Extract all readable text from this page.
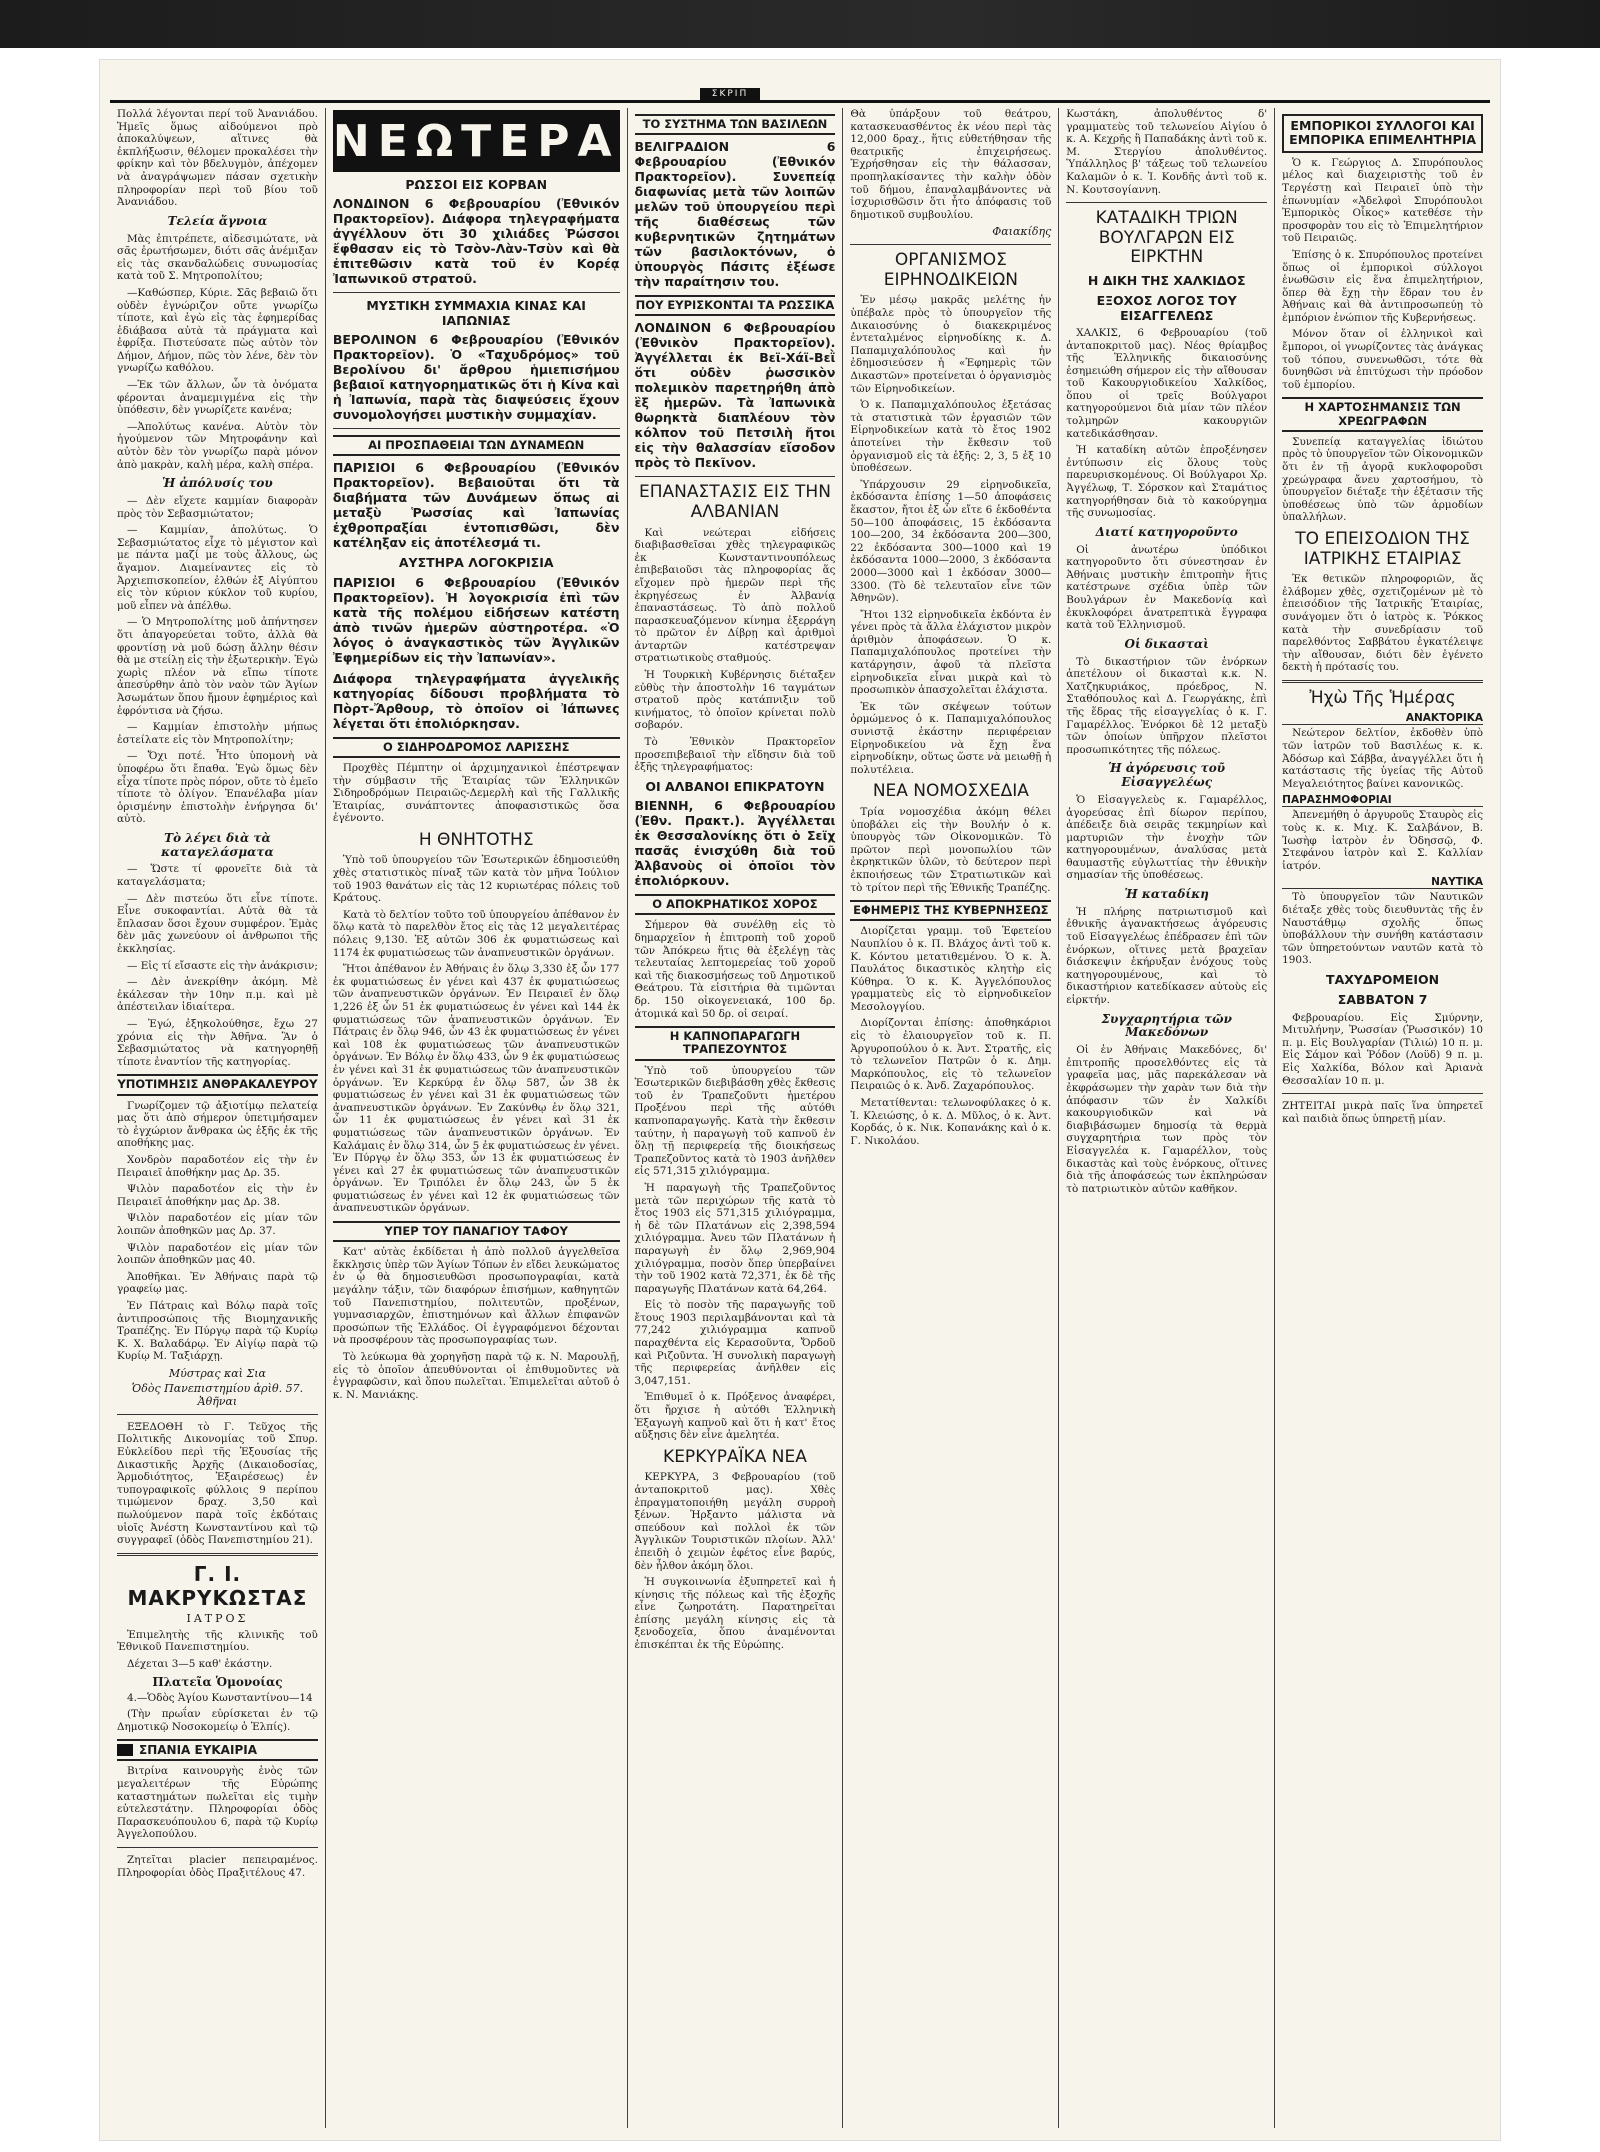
ΣΚΡΙΠ

Πολλά λέγονται περί τοῦ Ἀνανιάδου. Ἡμεῖς ὅμως αἰδούμενοι πρὸ ἀποκαλύψεων, αἵτινες θὰ ἐκπλήξωσιν, θέλομεν προκαλέσει τὴν φρίκην καὶ τὸν βδελυγμὸν, ἀπέχομεν νὰ ἀναγράψωμεν πάσαν σχετικὴν πληροφορίαν περὶ τοῦ βίου τοῦ Ἀνανιάδου.

Τελεία ἄγνοια

Μὰς ἐπιτρέπετε, αἰδεσιμώτατε, νὰ σᾶς ἐρωτήσωμεν, διότι σᾶς ἀνέμιξαν εἰς τὰς σκανδαλώδεις συνωμοσίας κατὰ τοῦ Σ. Μητροπολίτου;

—Καθώσπερ, Κύριε. Σᾶς βεβαιῶ ὅτι οὐδὲν ἐγνώριζον οὔτε γνωρίζω τίποτε, καὶ ἐγὼ εἰς τὰς ἐφημερίδας ἐδιάβασα αὐτὰ τὰ πράγματα καὶ ἐφρίξα. Πιστεύσατε πὼς αὐτὸν τὸν Δήμον, Δήμον, πῶς τὸν λένε, δὲν τὸν γνωρίζω καθόλου.

—Ἐκ τῶν ἄλλων, ὧν τὰ ὀνόματα φέρονται ἀναμεμιγμένα εἰς τὴν ὑπόθεσιν, δὲν γνωρίζετε κανένα;

—Ἀπολύτως κανένα. Αὐτὸν τὸν ἠγούμενον τῶν Μητροφάνην καὶ αὐτὸν δὲν τὸν γνωρίζω παρὰ μόνον ἀπὸ μακρὰν, καλὴ μέρα, καλὴ σπέρα.

Ἡ ἀπόλυσίς του

— Δὲν εἴχετε καμμίαν διαφορὰν πρὸς τὸν Σεβασμιώτατον;

— Καμμίαν, ἀπολύτως. Ὁ Σεβασμιώτατος εἶχε τὸ μέγιστον καὶ με πάντα μαζί με τοὺς ἄλλους, ὡς ἄγαμον. Διαμείναντες εἰς τὸ Ἀρχιεπισκοπείον, ἐλθών ἐξ Αἰγύπτου εἰς τὸν κύριον κύκλον τοῦ κυρίου, μοῦ εἶπεν νὰ ἀπέλθω.

— Ὁ Μητροπολίτης μοῦ ἀπήντησεν ὅτι ἀπαγορεύεται τοῦτο, ἀλλὰ θὰ φροντίσῃ νὰ μοῦ δώσῃ ἄλλην θέσιν θὰ με στείλῃ εἰς τὴν ἐξωτερικὴν. Ἐγὼ χωρὶς πλέον νὰ εἴπω τίποτε ἀπεσύρθην ἀπὸ τὸν ναὸν τῶν Ἁγίων Ἀσωμάτων ὅπου ἤμουν ἐφημέριος καὶ ἐφρόντισα νὰ ζήσω.

— Καμμίαν ἐπιστολὴν μήπως ἐστείλατε εἰς τὸν Μητροπολίτην;

— Ὄχι ποτέ. Ἦτο ὑπομονὴ νὰ ὑποφέρω ὅτι ἔπαθα. Ἐγὼ ὅμως δὲν εἶχα τίποτε πρὸς πόρον, οὔτε τὸ ἐμεῖο τίποτε τὸ ὀλίγον. Ἐπανέλαβα μίαν ὁρισμένην ἐπιστολὴν ἐνήργησα δι' αὐτὸ.

Τὸ λέγει διὰ τὰ καταγελάσματα

— Ὥστε τί φρονεῖτε διὰ τὰ καταγελάσματα;

— Δὲν πιστεύω ὅτι εἶνε τίποτε. Εἶνε συκοφαντίαι. Αὐτὰ θὰ τὰ ἔπλασαν ὅσοι ἔχουν συμφέρον. Ἐμὰς δὲν μᾶς χωνεύουν οἱ ἀνθρωποι τῆς ἐκκλησίας.

— Εἰς τί εἴσαστε εἰς τὴν ἀνάκρισιν;

— Δὲν ἀνεκρίθην ἀκόμη. Μὲ ἐκάλεσαν τὴν 10ην π.μ. καὶ μὲ ἀπέστειλαν ἰδιαίτερα.

— Ἐγώ, ἐξηκολούθησε, ἔχω 27 χρόνια εἰς τὴν Ἀθῆνα. Ἂν ὁ Σεβασμιώτατος νὰ κατηγορηθῇ τίποτε ἐναντίον τῆς κατηγορίας.

ΥΠΟΤΙΜΗΣΙΣ ΑΝΘΡΑΚΑΛΕΥΡΟΥ

Γνωρίζομεν τῷ ἀξιοτίμῳ πελατείᾳ μας ὅτι ἀπὸ σήμερον ὑπετιμήσαμεν τὸ ἐγχώριον ἄνθρακα ὡς ἑξῆς ἐκ τῆς αποθήκης μας.

Χονδρὸν παραδοτέον εἰς τὴν ἐν Πειραιεῖ ἀποθήκην μας Δρ. 35.

Ψιλὸν παραδοτέον εἰς τὴν ἐν Πειραιεῖ ἀποθήκην μας Δρ. 38.

Ψιλὸν παραδοτέον εἰς μίαν τῶν λοιπῶν ἀποθηκῶν μας Δρ. 37.

Ψιλὸν παραδοτέον εἰς μίαν τῶν λοιπῶν ἀποθηκῶν μας 40.

Ἀποθῆκαι. Ἐν Ἀθήναις παρὰ τῷ γραφείῳ μας.

Ἐν Πάτραις καὶ Βόλῳ παρὰ τοῖς ἀντιπροσώποις τῆς Βιομηχανικῆς Τραπέζης. Ἐν Πύργῳ παρὰ τῷ Κυρίῳ Κ. Χ. Βαλαδάρῳ. Ἐν Αἰγίῳ παρὰ τῷ Κυρίῳ Μ. Ταξιάρχῃ.

Μύστρας καὶ Σια
Ὁδὸς Πανεπιστημίου ἀρὶθ. 57. Ἀθῆναι

ΕΞΕΔΟΘΗ τὸ Γ. Τεῦχος τῆς Πολιτικῆς Δικονομίας τοῦ Σπυρ. Εὐκλείδου περὶ τῆς Ἐξουσίας τῆς Δικαστικῆς Ἀρχῆς (Δικαιοδοσίας, Ἁρμοδιότητος, Ἐξαιρέσεως) ἐν τυπογραφικοῖς φύλλοις 9 περίπου τιμώμενον δραχ. 3,50 καὶ πωλούμενον παρὰ τοῖς ἐκδόταις υἱοῖς Ἀνέστη Κωνσταντίνου καὶ τῷ συγγραφεῖ (ὁδὸς Πανεπιστημίου 21).

Γ. Ι. ΜΑΚΡΥΚΩΣΤΑΣ
ΙΑΤΡΟΣ

Ἐπιμελητὴς τῆς κλινικῆς τοῦ Ἐθνικοῦ Πανεπιστημίου.

Δέχεται 3—5 καθ' ἑκάστην.

Πλατεῖα Ὁμονοίας

4.—Ὁδὸς Ἁγίου Κωνσταντίνου—14

(Τὴν πρωΐαν εὑρίσκεται ἐν τῷ Δημοτικῷ Νοσοκομείῳ ὁ Ἐλπίς).

ΣΠΑΝΙΑ ΕΥΚΑΙΡΙΑ

Βιτρίνα καινουργὴς ἑνὸς τῶν μεγαλειτέρων τῆς Εὐρώπης καταστημάτων πωλεῖται εἰς τιμὴν εὐτελεστάτην. Πληροφορίαι ὁδὸς Παρασκευόπουλου 6, παρὰ τῷ Κυρίῳ Ἀγγελοπούλου.

Ζητεῖται placier πεπειραμένος. Πληροφορίαι ὁδὸς Πραξιτέλους 47.

ΝΕΩΤΕΡΑ
ΡΩΣΣΟΙ ΕΙΣ ΚΟΡΒΑΝ
ΛΟΝΔΙΝΟΝ 6 Φεβρουαρίου (Ἐθνικόν Πρακτορεῖον). Διάφορα τηλεγραφήματα ἀγγέλλουν ὅτι 30 χιλιάδες Ῥώσσοι ἔφθασαν εἰς τὸ Τσὸν-Λὰν-Τσὺν καὶ θὰ ἐπιτεθῶσιν κατὰ τοῦ ἐν Κορέᾳ Ἰαπωνικοῦ στρατοῦ.
ΜΥΣΤΙΚΗ ΣΥΜΜΑΧΙΑ ΚΙΝΑΣ ΚΑΙ ΙΑΠΩΝΙΑΣ
ΒΕΡΟΛΙΝΟΝ 6 Φεβρουαρίου (Ἐθνικόν Πρακτορεῖον). Ὁ «Ταχυδρόμος» τοῦ Βερολίνου δι' ἄρθρου ἡμιεπισήμου βεβαιοῖ κατηγορηματικῶς ὅτι ἡ Κίνα καὶ ἡ Ἰαπωνία, παρὰ τὰς διαψεύσεις ἔχουν συνομολογήσει μυστικὴν συμμαχίαν.
ΑΙ ΠΡΟΣΠΑΘΕΙΑΙ ΤΩΝ ΔΥΝΑΜΕΩΝ
ΠΑΡΙΣΙΟΙ 6 Φεβρουαρίου (Ἐθνικόν Πρακτορεῖον). Βεβαιοῦται ὅτι τὰ διαβήματα τῶν Δυνάμεων ὅπως αἱ μεταξὺ Ῥωσσίας καὶ Ἰαπωνίας ἐχθροπραξίαι ἐντοπισθῶσι, δὲν κατέληξαν εἰς ἀποτέλεσμά τι.
ΑΥΣΤΗΡΑ ΛΟΓΟΚΡΙΣΙΑ
ΠΑΡΙΣΙΟΙ 6 Φεβρουαρίου (Ἐθνικόν Πρακτορεῖον). Ἡ λογοκρισία ἐπὶ τῶν κατὰ τῆς πολέμου εἰδήσεων κατέστη ἀπὸ τινῶν ἡμερῶν αὐστηροτέρα. «Ὁ λόγος ὁ ἀναγκαστικὸς τῶν Ἀγγλικῶν Ἐφημερίδων εἰς τὴν Ἰαπωνίαν».
Διάφορα τηλεγραφήματα ἀγγελικῆς κατηγορίας δίδουσι προβλήματα τὸ Πὸρτ-Ἄρθουρ, τὸ ὁποῖον οἱ Ἰάπωνες λέγεται ὅτι ἐπολιόρκησαν.
Ο ΣΙΔΗΡΟΔΡΟΜΟΣ ΛΑΡΙΣΣΗΣ

Προχθὲς Πέμπτην οἱ ἀρχιμηχανικοὶ ἐπέστρεψαν τὴν σύμβασιν τῆς Ἑταιρίας τῶν Ἑλληνικῶν Σιδηροδρόμων Πειραιῶς-Δεμερλὴ καὶ τῆς Γαλλικῆς Ἑταιρίας, συνάπτοντες ἀποφασιστικῶς ὅσα ἐγένοντο.

Η ΘΝΗΤΟΤΗΣ

Ὑπὸ τοῦ ὑπουργείου τῶν Ἐσωτερικῶν ἐδημοσιεύθη χθὲς στατιστικὸς πίναξ τῶν κατὰ τὸν μῆνα Ἰούλιον τοῦ 1903 θανάτων εἰς τὰς 12 κυριωτέρας πόλεις τοῦ Κράτους.

Κατὰ τὸ δελτίον τοῦτο τοῦ ὑπουργείου ἀπέθανον ἐν ὅλῳ κατὰ τὸ παρελθὸν ἔτος εἰς τὰς 12 μεγαλειτέρας πόλεις 9,130. Ἐξ αὐτῶν 306 ἐκ φυματιώσεως καὶ 1174 ἐκ φυματιώσεως τῶν ἀναπνευστικῶν ὀργάνων.

Ἤτοι ἀπέθανον ἐν Ἀθήναις ἐν ὅλῳ 3,330 ἐξ ὧν 177 ἐκ φυματιώσεως ἐν γένει καὶ 437 ἐκ φυματιώσεως τῶν ἀναπνευστικῶν ὀργάνων. Ἐν Πειραιεῖ ἐν ὅλῳ 1,226 ἐξ ὧν 51 ἐκ φυματιώσεως ἐν γένει καὶ 144 ἐκ φυματιώσεως τῶν ἀναπνευστικῶν ὀργάνων. Ἐν Πάτραις ἐν ὅλῳ 946, ὧν 43 ἐκ φυματιώσεως ἐν γένει καὶ 108 ἐκ φυματιώσεως τῶν ἀναπνευστικῶν ὀργάνων. Ἐν Βόλῳ ἐν ὅλῳ 433, ὧν 9 ἐκ φυματιώσεως ἐν γένει καὶ 31 ἐκ φυματιώσεως τῶν ἀναπνευστικῶν ὀργάνων. Ἐν Κερκύρᾳ ἐν ὅλῳ 587, ὧν 38 ἐκ φυματιώσεως ἐν γένει καὶ 31 ἐκ φυματιώσεως τῶν ἀναπνευστικῶν ὀργάνων. Ἐν Ζακύνθῳ ἐν ὅλῳ 321, ὧν 11 ἐκ φυματιώσεως ἐν γένει καὶ 31 ἐκ φυματιώσεως τῶν ἀναπνευστικῶν ὀργάνων. Ἐν Καλάμαις ἐν ὅλῳ 314, ὧν 5 ἐκ φυματιώσεως ἐν γένει. Ἐν Πύργῳ ἐν ὅλῳ 353, ὧν 13 ἐκ φυματιώσεως ἐν γένει καὶ 27 ἐκ φυματιώσεως τῶν ἀναπνευστικῶν ὀργάνων. Ἐν Τριπόλει ἐν ὅλῳ 243, ὧν 5 ἐκ φυματιώσεως ἐν γένει καὶ 12 ἐκ φυματιώσεως τῶν ἀναπνευστικῶν ὀργάνων.

ΥΠΕΡ ΤΟΥ ΠΑΝΑΓΙΟΥ ΤΑΦΟΥ

Κατ' αὐτὰς ἐκδίδεται ἡ ἀπὸ πολλοῦ ἀγγελθεῖσα ἔκκλησις ὑπὲρ τῶν Ἁγίων Τόπων ἐν εἴδει λευκώματος ἐν ᾧ θὰ δημοσιευθῶσι προσωπογραφίαι, κατὰ μεγάλην τάξιν, τῶν διαφόρων ἐπισήμων, καθηγητῶν τοῦ Πανεπιστημίου, πολιτευτῶν, προξένων, γυμνασιαρχῶν, ἐπιστημόνων καὶ ἄλλων ἐπιφανῶν προσώπων τῆς Ἑλλάδος. Οἱ ἐγγραφόμενοι δέχονται νὰ προσφέρουν τὰς προσωπογραφίας των.

Τὸ λεύκωμα θὰ χορηγῆσῃ παρὰ τῷ κ. Ν. Μαρουλῇ, εἰς τὸ ὁποῖον ἀπευθύνονται οἱ ἐπιθυμοῦντες νὰ ἐγγραφῶσιν, καὶ ὅπου πωλεῖται. Ἐπιμελεῖται αὐτοῦ ὁ κ. Ν. Μανιάκης.

ΤΟ ΣΥΣΤΗΜΑ ΤΩΝ ΒΑΣΙΛΕΩΝ
ΒΕΛΙΓΡΑΔΙΟΝ 6 Φεβρουαρίου (Ἐθνικόν Πρακτορεῖον). Συνεπείᾳ διαφωνίας μετὰ τῶν λοιπῶν μελῶν τοῦ ὑπουργείου περὶ τῆς διαθέσεως τῶν κυβερνητικῶν ζητημάτων τῶν βασιλοκτόνων, ὁ ὑπουργὸς Πάσιτς ἐξέωσε τὴν παραίτησιν του.
ΠΟΥ ΕΥΡΙΣΚΟΝΤΑΙ ΤΑ ΡΩΣΣΙΚΑ
ΛΟΝΔΙΝΟΝ 6 Φεβρουαρίου (Ἐθνικὸν Πρακτορεῖον). Ἀγγέλλεται ἐκ Βεϊ-Χάϊ-Βεῒ ὅτι οὐδὲν ῥωσσικὸν πολεμικὸν παρετηρήθη ἀπὸ ἓξ ἡμερῶν. Τὰ Ἰαπωνικὰ θωρηκτὰ διαπλέουν τὸν κόλπον τοῦ Πετσιλὴ ἤτοι εἰς τὴν θαλασσίαν εἴσοδον πρὸς τὸ Πεκῖνον.
ΕΠΑΝΑΣΤΑΣΙΣ ΕΙΣ ΤΗΝ ΑΛΒΑΝΙΑΝ

Καὶ νεώτεραι εἰδήσεις διαβιβασθεῖσαι χθὲς τηλεγραφικῶς ἐκ Κωνσταντινουπόλεως ἐπιβεβαιοῦσι τὰς πληροφορίας ἅς εἴχομεν πρὸ ἡμερῶν περὶ τῆς ἐκρηγέσεως ἐν Ἀλβανίᾳ ἐπαναστάσεως. Τὸ ἀπὸ πολλοῦ παρασκευαζόμενον κίνημα ἐξερράγη τὸ πρῶτον ἐν Δίβρῃ καὶ ἀριθμοὶ ἀνταρτῶν κατέστρεψαν στρατιωτικοὺς σταθμούς.

Ἡ Τουρκικὴ Κυβέρνησις διέταξεν εὐθὺς τὴν ἀποστολὴν 16 ταγμάτων στρατοῦ πρὸς κατάπνιξιν τοῦ κινήματος, τὸ ὁποῖον κρίνεται πολὺ σοβαρόν.

Τὸ Ἐθνικὸν Πρακτορεῖον προσεπιβεβαιοῖ τὴν εἴδησιν διὰ τοῦ ἑξῆς τηλεγραφήματος:

ΟΙ ΑΛΒΑΝΟΙ ΕΠΙΚΡΑΤΟΥΝ
ΒΙΕΝΝΗ, 6 Φεβρουαρίου (Ἐθν. Πρακτ.). Ἀγγέλλεται ἐκ Θεσσαλονίκης ὅτι ὁ Σεϊχ πασᾶς ἐνισχύθη διὰ τοῦ Ἀλβανοὺς οἱ ὁποῖοι τὸν ἐπολιόρκουν.
Ο ΑΠΟΚΡΗΑΤΙΚΟΣ ΧΟΡΟΣ

Σήμερον θὰ συνέλθῃ εἰς τὸ δημαρχεῖον ἡ ἐπιτροπὴ τοῦ χοροῦ τῶν Ἀπόκρεω ἥτις θὰ ἐξελέγῃ τὰς τελευταίας λεπτομερείας τοῦ χοροῦ καὶ τῆς διακοσμήσεως τοῦ Δημοτικοῦ Θεάτρου. Τὰ εἰσιτήρια θὰ τιμῶνται δρ. 150 οἰκογενειακά, 100 δρ. ἀτομικά καὶ 50 δρ. οἱ σειραί.

Η ΚΑΠΝΟΠΑΡΑΓΩΓΗ ΤΡΑΠΕΖΟΥΝΤΟΣ

Ὑπὸ τοῦ ὑπουργείου τῶν Ἐσωτερικῶν διεβιβάσθη χθὲς ἔκθεσις τοῦ ἐν Τραπεζοῦντι ἡμετέρου Προξένου περὶ τῆς αὐτόθι καπνοπαραγωγῆς. Κατὰ τὴν ἔκθεσιν ταύτην, ἡ παραγωγὴ τοῦ καπνοῦ ἐν ὅλῃ τῇ περιφερείᾳ τῆς διοικήσεως Τραπεζοῦντος κατὰ τὸ 1903 ἀνῆλθεν εἰς 571,315 χιλιόγραμμα.

Ἡ παραγωγὴ τῆς Τραπεζοῦντος μετὰ τῶν περιχώρων τῆς κατὰ τὸ ἔτος 1903 εἰς 571,315 χιλιόγραμμα, ἡ δὲ τῶν Πλατάνων εἰς 2,398,594 χιλιόγραμμα. Ἀνευ τῶν Πλατάνων ἡ παραγωγὴ ἐν ὅλῳ 2,969,904 χιλιόγραμμα, ποσὸν ὅπερ ὑπερβαίνει τὴν τοῦ 1902 κατὰ 72,371, ἐκ δὲ τῆς παραγωγῆς Πλατάνων κατὰ 64,264.

Εἰς τὸ ποσὸν τῆς παραγωγῆς τοῦ ἔτους 1903 περιλαμβάνονται καὶ τὰ 77,242 χιλιόγραμμα καπνοῦ παραχθέντα εἰς Κερασοῦντα, Ὄρδοῦ καὶ Ριζοῦντα. Ἡ συνολικὴ παραγωγὴ τῆς περιφερείας ἀνῆλθεν εἰς 3,047,151.

Ἐπιθυμεῖ ὁ κ. Πρόξενος ἀναφέρει, ὅτι ἤρχισε ἡ αὐτόθι Ἑλληνικὴ Ἐξαγωγὴ καπνοῦ καὶ ὅτι ἡ κατ' ἔτος αὔξησις δὲν εἶνε ἀμελητέα.

ΚΕΡΚΥΡΑΪΚΑ ΝΕΑ

ΚΕΡΚΥΡΑ, 3 Φεβρουαρίου (τοῦ ἀνταποκριτοῦ μας). Χθὲς ἐπραγματοποιήθη μεγάλη συρροὴ ξένων. Ἠρξαντο μάλιστα νὰ σπεύδουν καὶ πολλοὶ ἐκ τῶν Ἀγγλικῶν Τουριστικῶν πλοίων. Ἀλλ' ἐπειδὴ ὁ χειμὼν ἐφέτος εἶνε βαρύς, δὲν ἦλθον ἀκόμη ὅλοι.

Ἡ συγκοινωνία ἐξυπηρετεῖ καὶ ἡ κίνησις τῆς πόλεως καὶ τῆς ἐξοχῆς εἶνε ζωηροτάτη. Παρατηρεῖται ἐπίσης μεγάλη κίνησις εἰς τὰ ξενοδοχεῖα, ὅπου ἀναμένονται ἐπισκέπται ἐκ τῆς Εὐρώπης.

Θὰ ὑπάρξουν τοῦ θεάτρου, κατασκευασθέντος ἐκ νέου περὶ τὰς 12,000 δραχ., ἥτις εὐθετήθησαν τῆς θεατρικῆς ἐπιχειρήσεως. Ἐχρήσθησαν εἰς τὴν θάλασσαν, προπηλακίσαντες τὴν καλὴν ὁδὸν τοῦ δήμου, ἐπαναλαμβάνοντες νὰ ἰσχυρισθῶσιν ὅτι ἦτο ἀπόφασις τοῦ δημοτικοῦ συμβουλίου.

Φαιακίδης
ΟΡΓΑΝΙΣΜΟΣ ΕΙΡΗΝΟΔΙΚΕΙΩΝ

Ἐν μέσῳ μακρᾶς μελέτης ἡν ὑπέβαλε πρὸς τὸ ὑπουργεῖον τῆς Δικαιοσύνης ὁ διακεκριμένος ἐντεταλμένος εἰρηνοδίκης κ. Δ. Παπαμιχαλόπουλος καὶ ἡν ἐδημοσιεύσεν ἡ «Ἐφημερὶς τῶν Δικαστῶν» προτείνεται ὁ ὀργανισμὸς τῶν Εἰρηνοδικείων.

Ὁ κ. Παπαμιχαλόπουλος ἐξετάσας τὰ στατιστικὰ τῶν ἐργασιῶν τῶν Εἰρηνοδικείων κατὰ τὸ ἔτος 1902 ἀποτείνει τὴν ἔκθεσιν τοῦ ὀργανισμοῦ εἰς τὰ ἑξῆς: 2, 3, 5 ἐξ 10 ὑποθέσεων.

Ὑπάρχουσιν 29 εἰρηνοδικεῖα, ἐκδόσαντα ἐπίσης 1—50 ἀποφάσεις ἕκαστον, ἤτοι ἐξ ὧν εἴτε 6 ἐκδοθέντα 50—100 ἀποφάσεις, 15 ἐκδόσαντα 100—200, 34 ἐκδόσαντα 200—300, 22 ἐκδόσαντα 300—1000 καὶ 19 ἐκδόσαντα 1000—2000, 3 ἐκδόσαντα 2000—3000 καὶ 1 ἐκδόσαν 3000—3300. (Τὸ δὲ τελευταῖον εἶνε τῶν Ἀθηνῶν).

Ἤτοι 132 εἰρηνοδικεῖα ἐκδόντα ἐν γένει πρὸς τὰ ἄλλα ἐλάχιστον μικρὸν ἀριθμὸν ἀποφάσεων. Ὁ κ. Παπαμιχαλόπουλος προτείνει τὴν κατάργησιν, ἀφοῦ τὰ πλεῖστα εἰρηνοδικεῖα εἶναι μικρὰ καὶ τὸ προσωπικὸν ἀπασχολεῖται ἐλάχιστα.

Ἐκ τῶν σκέψεων τούτων ὁρμώμενος ὁ κ. Παπαμιχαλόπουλος συνιστᾷ ἐκάστην περιφέρειαν Εἰρηνοδικείου νὰ ἔχῃ ἕνα εἰρηνοδίκην, οὕτως ὥστε νὰ μειωθῇ ἡ πολυτέλεια.

ΝΕΑ ΝΟΜΟΣΧΕΔΙΑ

Τρία νομοσχέδια ἀκόμη θέλει ὑποβάλει εἰς τὴν Βουλήν ὁ κ. ὑπουργὸς τῶν Οἰκονομικῶν. Τὸ πρῶτον περὶ μονοπωλίου τῶν ἐκρηκτικῶν ὑλῶν, τὸ δεύτερον περὶ ἐκποιήσεως τῶν Στρατιωτικῶν καὶ τὸ τρίτον περὶ τῆς Ἑθνικῆς Τραπέζης.

ΕΦΗΜΕΡΙΣ ΤΗΣ ΚΥΒΕΡΝΗΣΕΩΣ

Διορίζεται γραμμ. τοῦ Ἐφετείου Ναυπλίου ὁ κ. Π. Βλάχος ἀντὶ τοῦ κ. Κ. Κόντου μετατιθεμένου. Ὁ κ. Ἀ. Παυλάτος δικαστικὸς κλητὴρ εἰς Κύθηρα. Ὁ κ. Κ. Ἀγγελόπουλος γραμματεὺς εἰς τὸ εἰρηνοδικεῖον Μεσολογγίου.

Διορίζονται ἐπίσης: ἀποθηκάριοι εἰς τὸ ἐλαιουργεῖον τοῦ κ. Π. Ἀργυροπούλου ὁ κ. Ἀντ. Στρατῆς, εἰς τὸ τελωνεῖον Πατρῶν ὁ κ. Δημ. Μαρκόπουλος, εἰς τὸ τελωνεῖον Πειραιῶς ὁ κ. Ἀνδ. Ζαχαρόπουλος.

Μετατίθενται: τελωνοφύλακες ὁ κ. Ἰ. Κλειώσης, ὁ κ. Δ. Μῦλος, ὁ κ. Ἀντ. Κορδάς, ὁ κ. Νικ. Κοπανάκης καὶ ὁ κ. Γ. Νικολάου.

Κωστάκη, ἀπολυθέντος δ' γραμματεὺς τοῦ τελωνείου Αἰγίου ὁ κ. Α. Κεχρῆς ἢ Παπαδάκης ἀντὶ τοῦ κ. Μ. Στεργίου ἀπολυθέντος. Ὑπάλληλος β' τάξεως τοῦ τελωνείου Καλαμῶν ὁ κ. Ἰ. Κονδῆς ἀντὶ τοῦ κ. Ν. Κουτσογίαννη.

ΚΑΤΑΔΙΚΗ ΤΡΙΩΝ ΒΟΥΛΓΑΡΩΝ ΕΙΣ ΕΙΡΚΤΗΝ
Η ΔΙΚΗ ΤΗΣ ΧΑΛΚΙΔΟΣ
ΕΞΟΧΟΣ ΛΟΓΟΣ ΤΟΥ ΕΙΣΑΓΓΕΛΕΩΣ

ΧΑΛΚΙΣ, 6 Φεβρουαρίου (τοῦ ἀνταποκριτοῦ μας). Νέος θρίαμβος τῆς Ἑλληνικῆς δικαιοσύνης ἐσημειώθη σήμερον εἰς τὴν αἴθουσαν τοῦ Κακουργιοδικείου Χαλκίδος, ὅπου οἱ τρεῖς Βούλγαροι κατηγορούμενοι διὰ μίαν τῶν πλέον τολμηρῶν κακουργιῶν κατεδικάσθησαν.

Ἡ καταδίκη αὐτῶν ἐπροξένησεν ἐντύπωσιν εἰς ὅλους τοὺς παρευρισκομένους. Οἱ Βούλγαροι Χρ. Ἀγγέλωφ, Τ. Σόρσκον καὶ Σταμάτιος κατηγορήθησαν διὰ τὸ κακούργημα τῆς συνωμοσίας.

Διατί κατηγοροῦντο

Οἱ ἀνωτέρω ὑπόδικοι κατηγοροῦντο ὅτι σύνεστησαν ἐν Ἀθήναις μυστικὴν ἐπιτροπὴν ἥτις κατέστρωνε σχέδια ὑπὲρ τῶν Βουλγάρων ἐν Μακεδονίᾳ καὶ ἐκυκλοφόρει ἀνατρεπτικὰ ἔγγραφα κατὰ τοῦ Ἑλληνισμοῦ.

Οἱ δικασταὶ

Τὸ δικαστήριον τῶν ἐνόρκων ἀπετέλουν οἱ δικασταὶ κ.κ. Ν. Χατζηκυριάκος, πρόεδρος, Ν. Σταθόπουλος καὶ Δ. Γεωργάκης, ἐπὶ τῆς ἕδρας τῆς εἰσαγγελίας ὁ κ. Γ. Γαμαρέλλος. Ἐνόρκοι δὲ 12 μεταξὺ τῶν ὁποίων ὑπῆρχον πλεῖστοι προσωπικότητες τῆς πόλεως.

Ἡ ἀγόρευσις τοῦ Εἰσαγγελέως

Ὁ Εἰσαγγελεὺς κ. Γαμαρέλλος, ἀγορεύσας ἐπὶ δίωρον περίπου, ἀπέδειξε διὰ σειρᾶς τεκμηρίων καὶ μαρτυριῶν τὴν ἐνοχὴν τῶν κατηγορουμένων, ἀναλύσας μετὰ θαυμαστῆς εὐγλωττίας τὴν ἐθνικὴν σημασίαν τῆς ὑποθέσεως.

Ἡ καταδίκη

Ἡ πλήρης πατριωτισμοῦ καὶ ἐθνικῆς ἀγανακτήσεως ἀγόρευσις τοῦ Εἰσαγγελέως ἐπέδρασεν ἐπὶ τῶν ἐνόρκων, οἵτινες μετὰ βραχεῖαν διάσκεψιν ἐκήρυξαν ἐνόχους τοὺς κατηγορουμένους, καὶ τὸ δικαστήριον κατεδίκασεν αὐτοὺς εἰς εἱρκτήν.

Συγχαρητήρια τῶν Μακεδόνων

Οἱ ἐν Ἀθήναις Μακεδόνες, δι' ἐπιτροπῆς προσελθόντες εἰς τὰ γραφεῖα μας, μᾶς παρεκάλεσαν νὰ ἐκφράσωμεν τὴν χαρὰν των διὰ τὴν ἀπόφασιν τῶν ἐν Χαλκίδι κακουργιοδικῶν καὶ νὰ διαβιβάσωμεν δημοσίᾳ τὰ θερμὰ συγχαρητήρια των πρὸς τὸν Εἰσαγγελέα κ. Γαμαρέλλον, τοὺς δικαστὰς καὶ τοὺς ἐνόρκους, οἵτινες διὰ τῆς ἀποφάσεώς των ἐκπληρώσαν τὸ πατριωτικὸν αὐτῶν καθῆκον.

ΕΜΠΟΡΙΚΟΙ ΣΥΛΛΟΓΟΙ ΚΑΙ ΕΜΠΟΡΙΚΑ ΕΠΙΜΕΛΗΤΗΡΙΑ

Ὁ κ. Γεώργιος Δ. Σπυρόπουλος μέλος καὶ διαχειριστὴς τοῦ ἐν Τεργέστῃ καὶ Πειραιεῖ ὑπὸ τὴν ἐπωνυμίαν «Ἀδελφοὶ Σπυρόπουλοι Ἐμπορικὸς Οἶκος» κατεθέσε τὴν προσφορὰν του εἰς τὸ Ἐπιμελητήριον τοῦ Πειραιῶς.

Ἐπίσης ὁ κ. Σπυρόπουλος προτείνει ὅπως οἱ ἐμπορικοὶ σύλλογοι ἑνωθῶσιν εἰς ἕνα ἐπιμελητήριον, ὅπερ θὰ ἔχῃ τὴν ἕδραν του ἐν Ἀθήναις καὶ θὰ ἀντιπροσωπεύῃ τὸ ἐμπόριον ἐνώπιον τῆς Κυβερνήσεως.

Μόνον ὅταν οἱ ἐλληνικοὶ καὶ ἔμποροι, οἱ γνωρίζοντες τὰς ἀνάγκας τοῦ τόπου, συνενωθῶσι, τότε θὰ δυνηθῶσι νὰ ἐπιτύχωσι τὴν πρόοδον τοῦ ἐμπορίου.

Η ΧΑΡΤΟΣΗΜΑΝΣΙΣ ΤΩΝ ΧΡΕΩΓΡΑΦΩΝ

Συνεπείᾳ καταγγελίας ἰδιώτου πρὸς τὸ ὑπουργεῖον τῶν Οἰκονομικῶν ὅτι ἐν τῇ ἀγορᾷ κυκλοφοροῦσι χρεώγραφα ἄνευ χαρτοσήμου, τὸ ὑπουργεῖον διέταξε τὴν ἐξέτασιν τῆς ὑποθέσεως ὑπὸ τῶν ἁρμοδίων ὑπαλλήλων.

ΤΟ ΕΠΕΙΣΟΔΙΟΝ ΤΗΣ ΙΑΤΡΙΚΗΣ ΕΤΑΙΡΙΑΣ

Ἐκ θετικῶν πληροφοριῶν, ἅς ἐλάβομεν χθὲς, σχετιζομένων μὲ τὸ ἐπεισόδιον τῆς Ἰατρικῆς Ἑταιρίας, συνάγομεν ὅτι ὁ ἰατρὸς κ. Ῥόκκος κατὰ τὴν συνεδρίασιν τοῦ παρελθόντος Σαββάτου ἐγκατέλειψε τὴν αἴθουσαν, διότι δὲν ἐγένετο δεκτὴ ἡ πρότασίς του.

Ἠχὼ Τῆς Ἡμέρας
ΑΝΑΚΤΟΡΙΚΑ

Νεώτερον δελτίον, ἐκδοθὲν ὑπὸ τῶν ἰατρῶν τοῦ Βασιλέως κ. κ. Ἀδόσωρ καὶ Σάββα, ἀναγγέλλει ὅτι ἡ κατάστασις τῆς ὑγείας τῆς Αὐτοῦ Μεγαλειότητος βαίνει κανονικῶς.

ΠΑΡΑΣΗΜΟΦΟΡΙΑΙ

Ἀπενεμήθη ὁ ἀργυροῦς Σταυρὸς εἰς τοὺς κ. κ. Μιχ. Κ. Σαλβάνον, Β. Ἰωσὴφ ἰατρὸν ἐν Ὀδησσῷ, Φ. Στεφάνου ἰατρὸν καὶ Σ. Καλλίαν ἰατρόν.

ΝΑΥΤΙΚΑ

Τὸ ὑπουργεῖον τῶν Ναυτικῶν διέταξε χθὲς τοὺς διευθυντὰς τῆς ἐν Ναυστάθμῳ σχολῆς ὅπως ὑποβάλλουν τὴν συνήθη κατάστασιν τῶν ὑπηρετούντων ναυτῶν κατὰ τὸ 1903.

ΤΑΧΥΔΡΟΜΕΙΟΝ
ΣΑΒΒΑΤΟΝ 7

Φεβρουαρίου. Εἰς Σμύρνην, Μιτυλήνην, Ῥωσσίαν (Ῥωσσικόν) 10 π. μ. Εἰς Βουλγαρίαν (Τιλιώ) 10 π. μ. Εἰς Σάμον καὶ Ῥόδον (Λοϋδ) 9 π. μ. Εἰς Χαλκίδα, Βόλον καὶ Ἀριανὰ Θεσσαλίαν 10 π. μ.

ΖΗΤΕΙΤΑΙ μικρὰ παῖς ἵνα ὑπηρετεῖ καὶ παιδιὰ ὅπως ὑπηρετῇ μίαν.
